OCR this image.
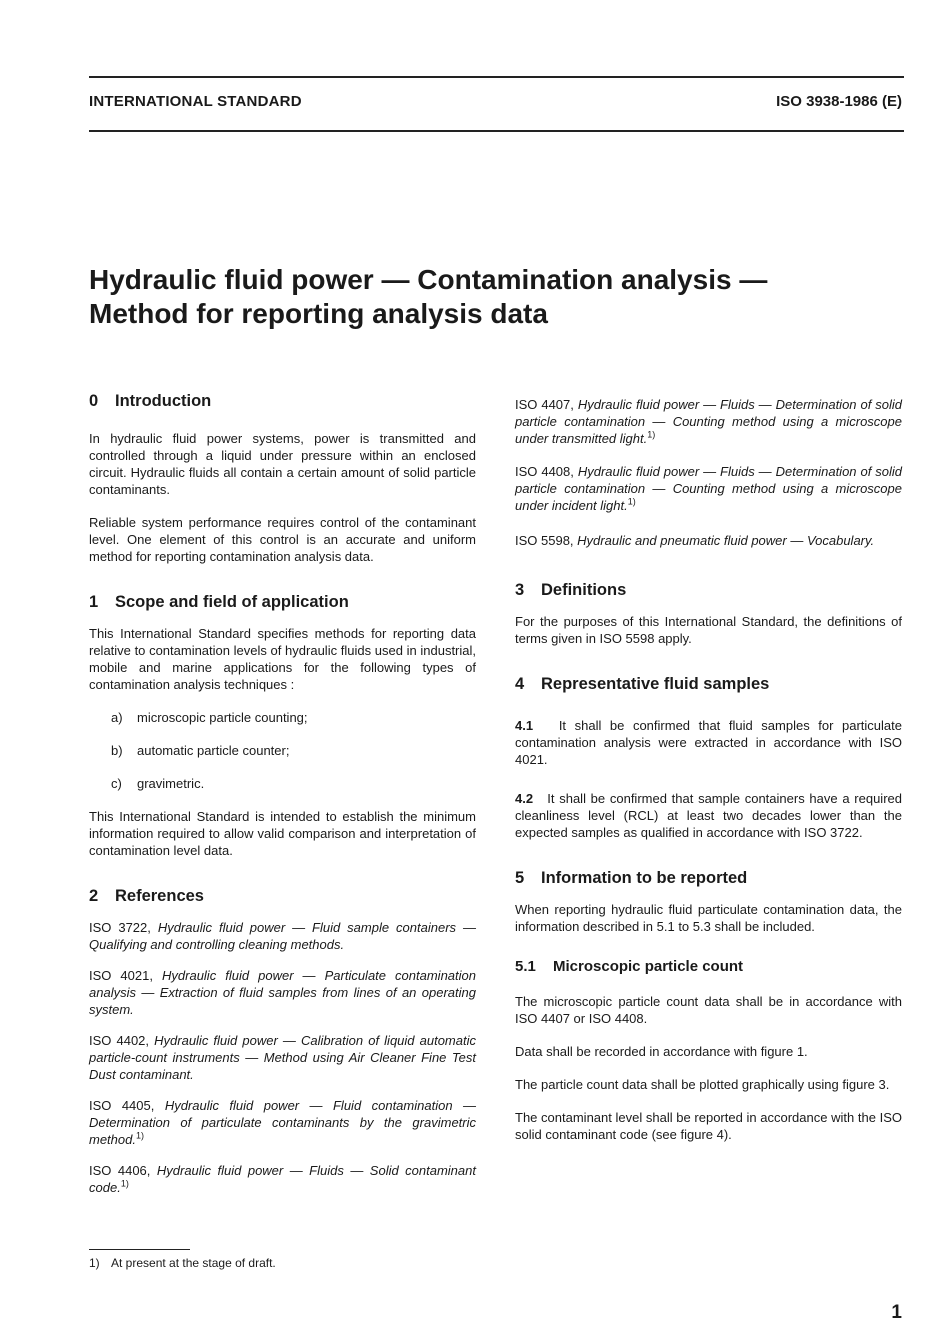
INTERNATIONAL STANDARD	ISO 3938-1986 (E)
Hydraulic fluid power — Contamination analysis —
Method for reporting analysis data
0 Introduction

In hydraulic fluid power systems, power is transmitted and controlled through a liquid under pressure within an enclosed circuit. Hydraulic fluids all contain a certain amount of solid particle contaminants.

Reliable system performance requires control of the contaminant level. One element of this control is an accurate and uniform method for reporting contamination analysis data.

1 Scope and field of application

This International Standard specifies methods for reporting data relative to contamination levels of hydraulic fluids used in industrial, mobile and marine applications for the following types of contamination analysis techniques :

a) microscopic particle counting;
b) automatic particle counter;
c) gravimetric.

This International Standard is intended to establish the minimum information required to allow valid comparison and interpretation of contamination level data.

2 References
ISO 3722, Hydraulic fluid power — Fluid sample containers — Qualifying and controlling cleaning methods.
ISO 4021, Hydraulic fluid power — Particulate contamination analysis — Extraction of fluid samples from lines of an operating system.
ISO 4402, Hydraulic fluid power — Calibration of liquid automatic particle-count instruments — Method using Air Cleaner Fine Test Dust contaminant.
ISO 4405, Hydraulic fluid power — Fluid contamination — Determination of particulate contaminants by the gravimetric method.$^{1)}$
ISO 4406, Hydraulic fluid power — Fluids — Solid contaminant code.$^{1)}$
ISO 4407, Hydraulic fluid power — Fluids — Determination of solid particle contamination — Counting method using a microscope under transmitted light.$^{1)}$
ISO 4408, Hydraulic fluid power — Fluids — Determination of solid particle contamination — Counting method using a microscope under incident light.$^{1)}$
ISO 5598, Hydraulic and pneumatic fluid power — Vocabulary.
3 Definitions

For the purposes of this International Standard, the definitions of terms given in ISO 5598 apply.

4 Representative fluid samples

4.1 It shall be confirmed that fluid samples for particulate contamination analysis were extracted in accordance with ISO 4021.

4.2 It shall be confirmed that sample containers have a required cleanliness level (RCL) at least two decades lower than the expected samples as qualified in accordance with ISO 3722.

5 Information to be reported

When reporting hydraulic fluid particulate contamination data, the information described in 5.1 to 5.3 shall be included.

5.1 Microscopic particle count

The microscopic particle count data shall be in accordance with ISO 4407 or ISO 4408.

Data shall be recorded in accordance with figure 1.

The particle count data shall be plotted graphically using figure 3.

The contaminant level shall be reported in accordance with the ISO solid contaminant code (see figure 4).

1) At present at the stage of draft.
1
